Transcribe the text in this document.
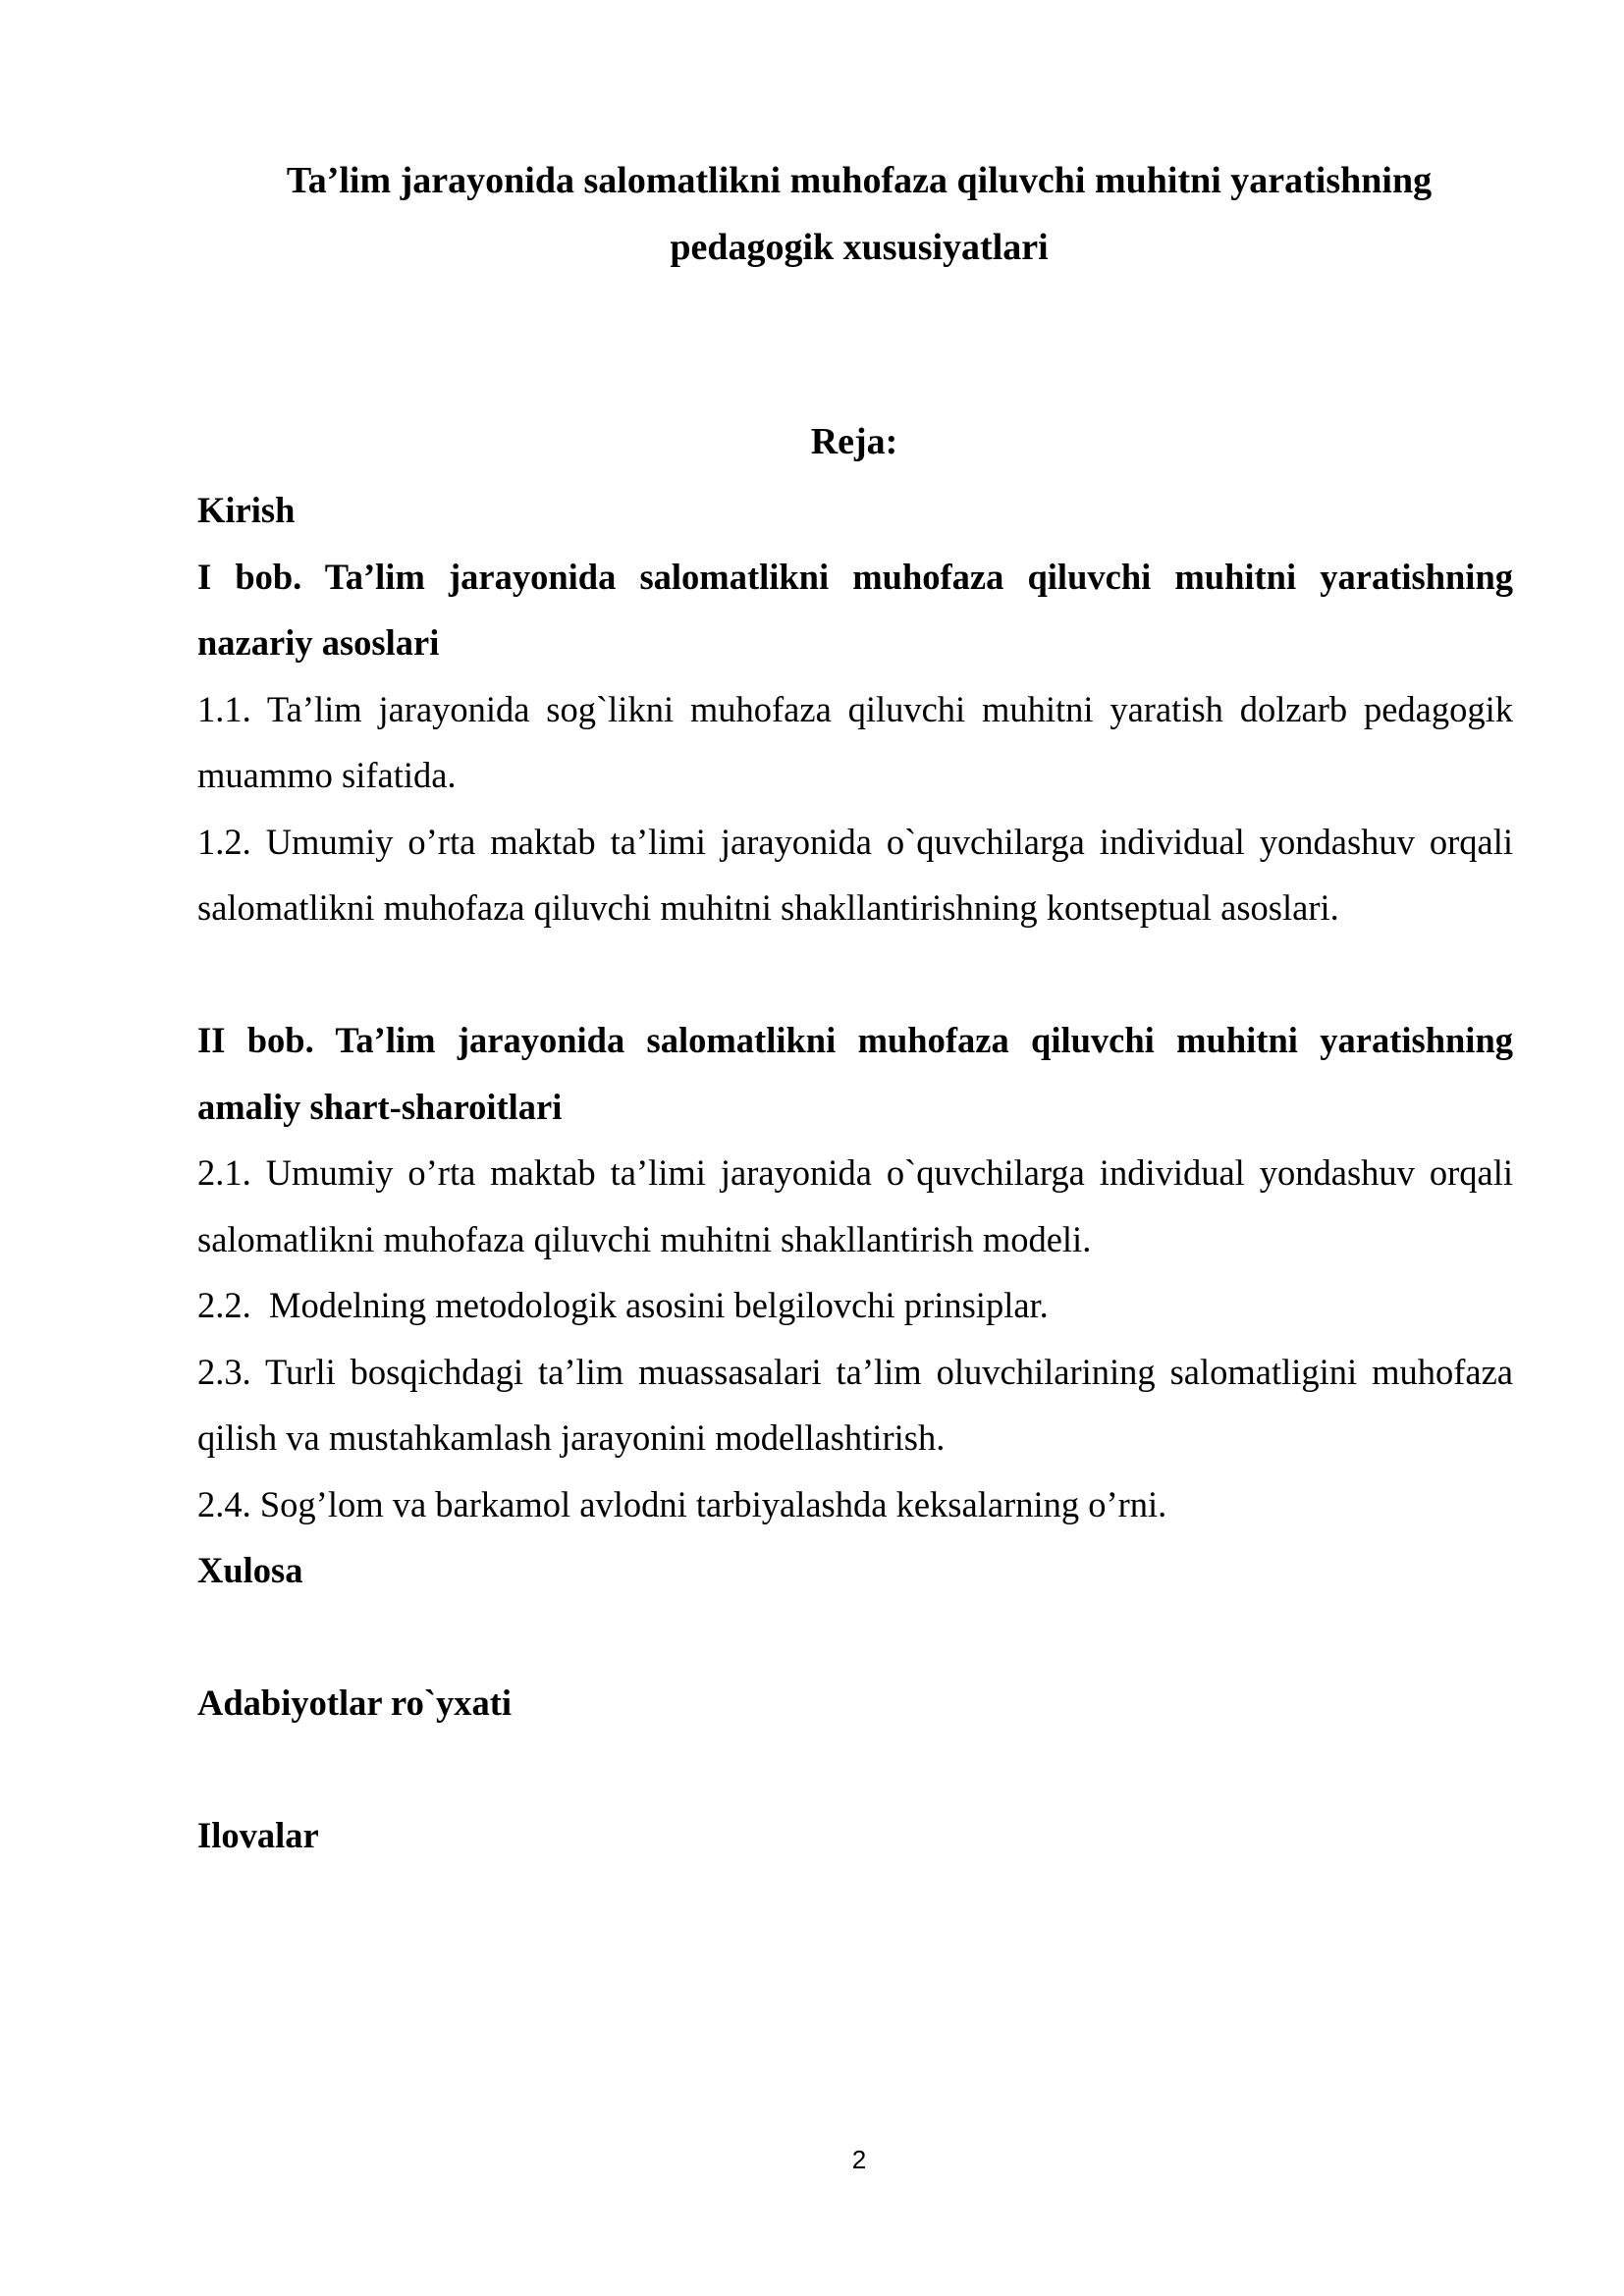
Ta’lim jarayonida salomatlikni muhofaza qiluvchi muhitni yaratishning
pedagogik xususiyatlari
Reja:

Kirish

I bob. Ta’lim jarayonida salomatlikni muhofaza qiluvchi muhitni yaratishning nazariy asoslari

1.1. Ta’lim jarayonida sog`likni muhofaza qiluvchi muhitni yaratish dolzarb pedagogik muammo sifatida.

1.2. Umumiy o’rta maktab ta’limi jarayonida o`quvchilarga individual yondashuv orqali salomatlikni muhofaza qiluvchi muhitni shakllantirishning kontseptual asoslari.

II bob. Ta’lim jarayonida salomatlikni muhofaza qiluvchi muhitni yaratishning amaliy shart-sharoitlari

2.1. Umumiy o’rta maktab ta’limi jarayonida o`quvchilarga individual yondashuv orqali salomatlikni muhofaza qiluvchi muhitni shakllantirish modeli.

2.2.  Modelning metodologik asosini belgilovchi prinsiplar.

2.3. Turli bosqichdagi ta’lim muassasalari ta’lim oluvchilarining salomatligini muhofaza qilish va mustahkamlash jarayonini modellashtirish.

2.4. Sog’lom va barkamol avlodni tarbiyalashda keksalarning o’rni.

Xulosa

Adabiyotlar ro`yxati

Ilovalar

2
